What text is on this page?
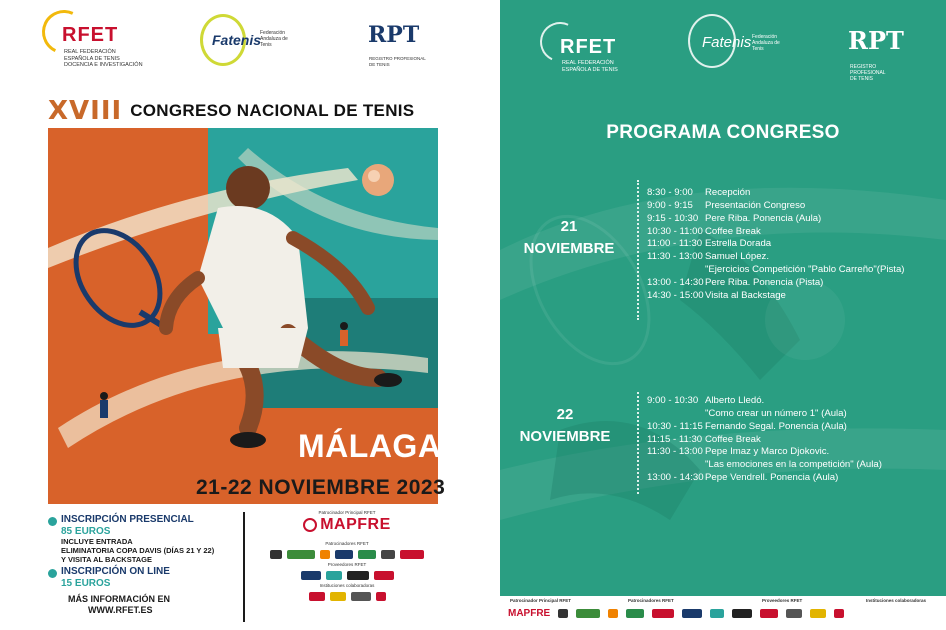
RFET
REAL FEDERACIÓN
ESPAÑOLA DE TENIS
DOCENCIA E INVESTIGACIÓN
Fatenis
Federación
Andaluza de
Tenis	RPT
REGISTRO PROFESIONAL
DE TENIS
XVIII CONGRESO NACIONAL DE TENIS
MÁLAGA
21-22 NOVIEMBRE 2023
INSCRIPCIÓN PRESENCIAL
85 EUROS
INCLUYE ENTRADA
ELIMINATORIA COPA DAVIS (DÍAS 21 Y 22)
Y VISITA AL BACKSTAGE
INSCRIPCIÓN ON LINE
15 EUROS
MÁS INFORMACIÓN EN
WWW.RFET.ES
Patrocinador Principal RFET
MAPFRE
Patrocinadores RFET
Proveedores RFET
Instituciones colaboradoras
RFET
REAL FEDERACIÓN
ESPAÑOLA DE TENIS
Fatenis Federación
Andaluza de
Tenis	RPT
REGISTRO PROFESIONAL
DE TENIS
PROGRAMA CONGRESO
21
NOVIEMBRE
8:30 - 9:00	Recepción
9:00 - 9:15	Presentación Congreso
9:15 - 10:30 Pere Riba. Ponencia (Aula)
10:30 - 11:00 Coffee Break
11:00 - 11:30 Estrella Dorada
11:30 - 13:00 Samuel López.
"Ejercicios Competición "Pablo Carreño"(Pista)
13:00 - 14:30 Pere Riba. Ponencia (Pista)
14:30 - 15:00 Visita al Backstage
22
NOVIEMBRE
9:00 - 10:30 Alberto Lledó.
"Como crear un número 1" (Aula)
10:30 - 11:15 Fernando Segal. Ponencia (Aula)
11:15 - 11:30 Coffee Break
11:30 - 13:00 Pepe Imaz y Marco Djokovic.
"Las emociones en la competición" (Aula)
13:00 - 14:30 Pepe Vendrell. Ponencia (Aula)
Patrocinador Principal RFET	Patrocinadores RFET	Proveedores RFET	Instituciones colaboradoras
MAPFRE
